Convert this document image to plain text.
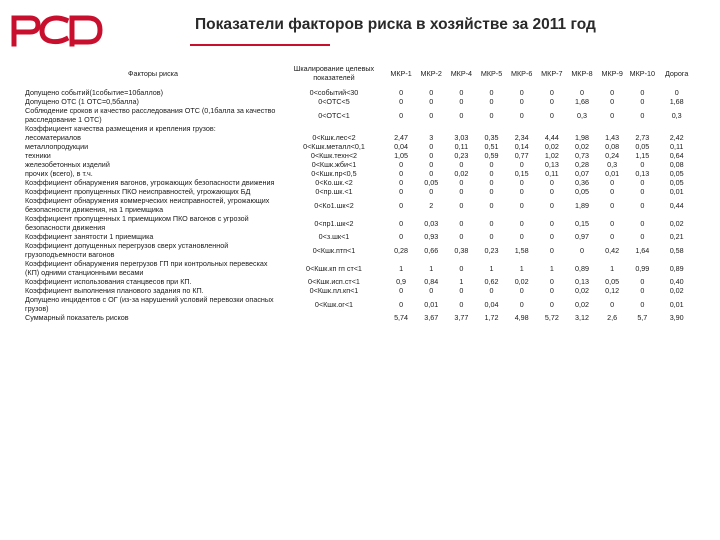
Показатели факторов риска в хозяйстве за 2011 год
Факторы риска	Шкалирование целевых показателей	МКР-1	МКР-2	МКР-4	МКР-5	МКР-6	МКР-7	МКР-8	МКР-9	МКР-10	Дорога
Допущено событий(1событие=10баллов)	0<событий<30	0	0	0	0	0	0	0	0	0	0
Допущено ОТС (1 ОТС=0,5балла)	0<ОТС<5	0	0	0	0	0	0	1,68	0	0	1,68
Соблюдение сроков и качество расследования ОТС (0,1балла за качество расследование 1 ОТС)	0<ОТС<1	0	0	0	0	0	0	0,3	0	0	0,3
Коэффициент качества размещения и крепления грузов:											
лесоматериалов	0<Кшк.лес<2	2,47	3	3,03	0,35	2,34	4,44	1,98	1,43	2,73	2,42
металлопродукции	0<Кшк.металл<0,1	0,04	0	0,11	0,51	0,14	0,02	0,02	0,08	0,05	0,11
техники	0<Кшк.техн<2	1,05	0	0,23	0,59	0,77	1,02	0,73	0,24	1,15	0,64
железобетонных изделий	0<Кшк.жби<1	0	0	0	0	0	0,13	0,28	0,3	0	0,08
прочих (всего), в т.ч.	0<Кшк.пр<0,5	0	0	0,02	0	0,15	0,11	0,07	0,01	0,13	0,05
Коэффициент обнаружения вагонов, угрожающих безопасности движения	0<Ко.шк.<2	0	0,05	0	0	0	0	0,36	0	0	0,05
Коэффициент пропущенных ПКО неисправностей, угрожающих БД	0<пр.шк.<1	0	0	0	0	0	0	0,05	0	0	0,01
Коэффициент обнаружения коммерческих неисправностей, угрожающих безопасности движения, на 1 приемщика	0<Ко1.шк<2	0	2	0	0	0	0	1,89	0	0	0,44
Коэффициент пропущенных 1 приемщиком ПКО вагонов с угрозой безопасности движения	0<пр1.шк<2	0	0,03	0	0	0	0	0,15	0	0	0,02
Коэффициент занятости 1 приемщика	0<з.шк<1	0	0,93	0	0	0	0	0,97	0	0	0,21
Коэффициент допущенных перегрузов сверх установленной грузоподъемности вагонов	0<Кшк.птп<1	0,28	0,66	0,38	0,23	1,58	0	0	0,42	1,64	0,58
Коэффициент обнаружения перегрузов ГП при контрольных перевесках (КП) одними станционными весами	0<Кшк.кп гп ст<1	1	1	0	1	1	1	0,89	1	0,99	0,89
Коэффициент использования станцвесов при КП.	0<Кшк.исп.ст<1	0,9	0,84	1	0,62	0,02	0	0,13	0,05	0	0,40
Коэффициент выполнения планового задания по КП.	0<Кшк.пл.кп<1	0	0	0	0	0	0	0,02	0,12	0	0,02
Допущено инцидентов с ОГ (из-за нарушений условий перевозки опасных грузов)	0<Кшк.ог<1	0	0,01	0	0,04	0	0	0,02	0	0	0,01
Суммарный показатель рисков		5,74	3,67	3,77	1,72	4,98	5,72	3,12	2,6	5,7	3,90
